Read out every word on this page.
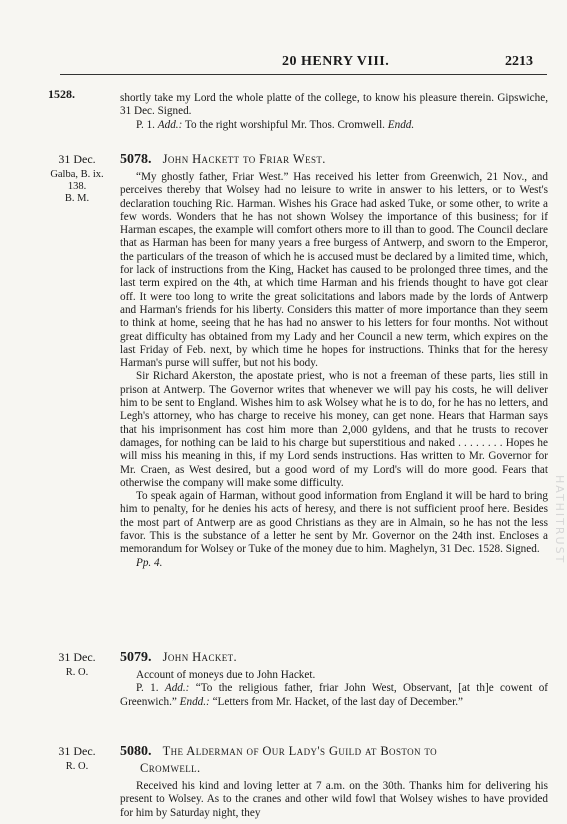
20 HENRY VIII.	2213
1528.	shortly take my Lord the whole platte of the college, to know his pleasure therein. Gipswiche, 31 Dec. Signed.

P. 1. Add.: To the right worshipful Mr. Thos. Cromwell. Endd.

31 Dec.
Galba, B. ix.
138.
B. M.
5078. John Hackett to Friar West.

“My ghostly father, Friar West.” Has received his letter from Greenwich, 21 Nov., and perceives thereby that Wolsey had no leisure to write in answer to his letters, or to West's declaration touching Ric. Harman. Wishes his Grace had asked Tuke, or some other, to write a few words. Wonders that he has not shown Wolsey the importance of this business; for if Harman escapes, the example will comfort others more to ill than to good. The Council declare that as Harman has been for many years a free burgess of Antwerp, and sworn to the Emperor, the particulars of the treason of which he is accused must be declared by a limited time, which, for lack of instructions from the King, Hacket has caused to be prolonged three times, and the last term expired on the 4th, at which time Harman and his friends thought to have got clear off. It were too long to write the great solicitations and labors made by the lords of Antwerp and Harman's friends for his liberty. Considers this matter of more importance than they seem to think at home, seeing that he has had no answer to his letters for four months. Not without great difficulty has obtained from my Lady and her Council a new term, which expires on the last Friday of Feb. next, by which time he hopes for instructions. Thinks that for the heresy Harman's purse will suffer, but not his body.

Sir Richard Akerston, the apostate priest, who is not a freeman of these parts, lies still in prison at Antwerp. The Governor writes that whenever we will pay his costs, he will deliver him to be sent to England. Wishes him to ask Wolsey what he is to do, for he has no letters, and Legh's attorney, who has charge to receive his money, can get none. Hears that Harman says that his imprisonment has cost him more than 2,000 gyldens, and that he trusts to recover damages, for nothing can be laid to his charge but superstitious and naked . . . . . . . . Hopes he will miss his meaning in this, if my Lord sends instructions. Has written to Mr. Governor for Mr. Craen, as West desired, but a good word of my Lord's will do more good. Fears that otherwise the company will make some difficulty.

To speak again of Harman, without good information from England it will be hard to bring him to penalty, for he denies his acts of heresy, and there is not sufficient proof here. Besides the most part of Antwerp are as good Christians as they are in Almain, so he has not the less favor. This is the substance of a letter he sent by Mr. Governor on the 24th inst. Encloses a memorandum for Wolsey or Tuke of the money due to him. Maghelyn, 31 Dec. 1528. Signed.

Pp. 4.

31 Dec.
R. O.
5079. John Hacket.

Account of moneys due to John Hacket.

P. 1. Add.: “To the religious father, friar John West, Observant, [at th]e cowent of Greenwich.” Endd.: “Letters from Mr. Hacket, of the last day of December.”

31 Dec.
R. O.
5080. The Alderman of Our Lady's Guild at Boston to
Cromwell.

Received his kind and loving letter at 7 a.m. on the 30th. Thanks him for delivering his present to Wolsey. As to the cranes and other wild fowl that Wolsey wishes to have provided for him by Saturday night, they

HATHITRUST
